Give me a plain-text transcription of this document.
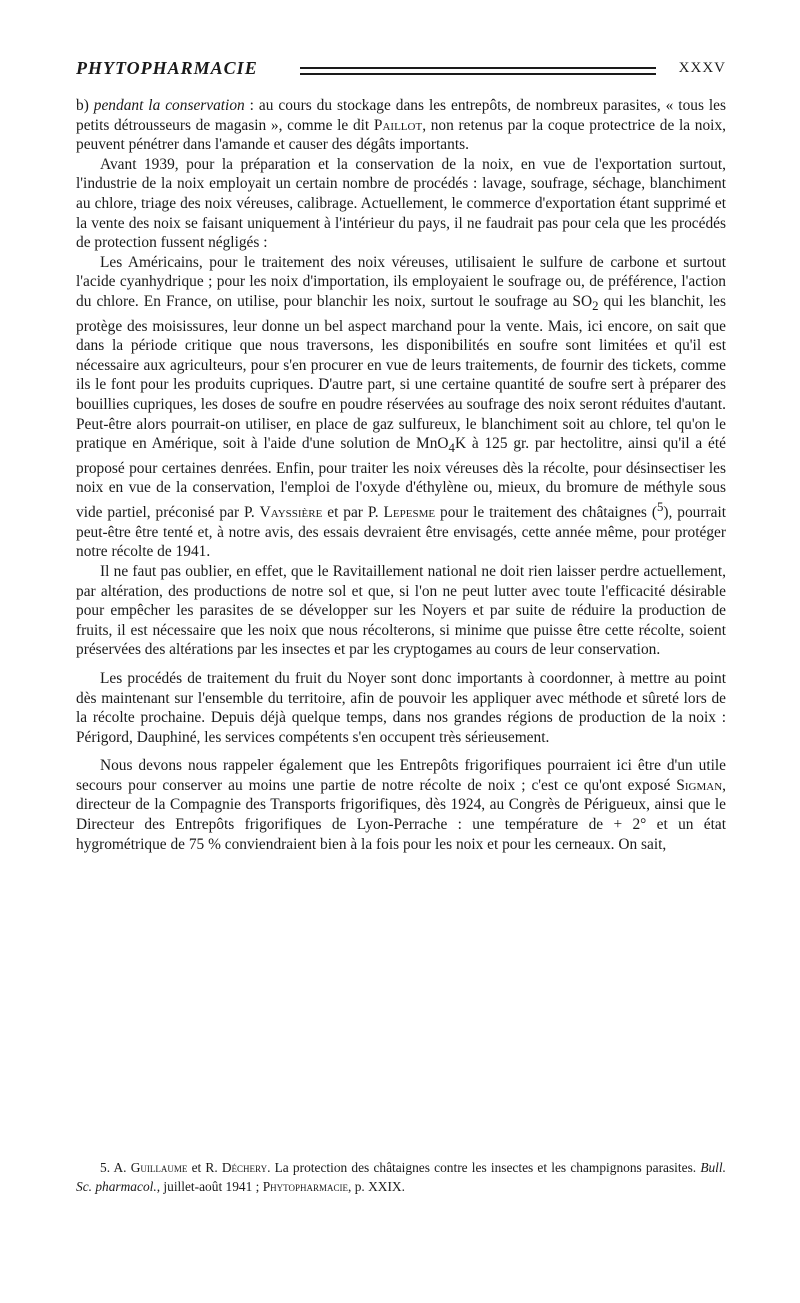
PHYTOPHARMACIE	XXXV

b) pendant la conservation : au cours du stockage dans les entrepôts, de nombreux parasites, « tous les petits détrousseurs de magasin », comme le dit Paillot, non retenus par la coque protectrice de la noix, peuvent pénétrer dans l'amande et causer des dégâts importants.

Avant 1939, pour la préparation et la conservation de la noix, en vue de l'exportation surtout, l'industrie de la noix employait un certain nombre de procédés : lavage, soufrage, séchage, blanchiment au chlore, triage des noix véreuses, calibrage. Actuellement, le commerce d'exportation étant supprimé et la vente des noix se faisant uniquement à l'intérieur du pays, il ne faudrait pas pour cela que les procédés de protection fussent négligés :

Les Américains, pour le traitement des noix véreuses, utilisaient le sulfure de carbone et surtout l'acide cyanhydrique ; pour les noix d'importation, ils employaient le soufrage ou, de préférence, l'action du chlore. En France, on utilise, pour blanchir les noix, surtout le soufrage au $SO_2$ qui les blanchit, les protège des moisissures, leur donne un bel aspect marchand pour la vente. Mais, ici encore, on sait que dans la période critique que nous traversons, les disponibilités en soufre sont limitées et qu'il est nécessaire aux agriculteurs, pour s'en procurer en vue de leurs traitements, de fournir des tickets, comme ils le font pour les produits cupriques. D'autre part, si une certaine quantité de soufre sert à préparer des bouillies cupriques, les doses de soufre en poudre réservées au soufrage des noix seront réduites d'autant. Peut-être alors pourrait-on utiliser, en place de gaz sulfureux, le blanchiment soit au chlore, tel qu'on le pratique en Amérique, soit à l'aide d'une solution de MnO$_4$K à 125 gr. par hectolitre, ainsi qu'il a été proposé pour certaines denrées. Enfin, pour traiter les noix véreuses dès la récolte, pour désinsectiser les noix en vue de la conservation, l'emploi de l'oxyde d'éthylène ou, mieux, du bromure de méthyle sous vide partiel, préconisé par P. Vayssière et par P. Lepesme pour le traitement des châtaignes ($^5$), pourrait peut-être être tenté et, à notre avis, des essais devraient être envisagés, cette année même, pour protéger notre récolte de 1941.

Il ne faut pas oublier, en effet, que le Ravitaillement national ne doit rien laisser perdre actuellement, par altération, des productions de notre sol et que, si l'on ne peut lutter avec toute l'efficacité désirable pour empêcher les parasites de se développer sur les Noyers et par suite de réduire la production de fruits, il est nécessaire que les noix que nous récolterons, si minime que puisse être cette récolte, soient préservées des altérations par les insectes et par les cryptogames au cours de leur conservation.

Les procédés de traitement du fruit du Noyer sont donc importants à coordonner, à mettre au point dès maintenant sur l'ensemble du territoire, afin de pouvoir les appliquer avec méthode et sûreté lors de la récolte prochaine. Depuis déjà quelque temps, dans nos grandes régions de production de la noix : Périgord, Dauphiné, les services compétents s'en occupent très sérieusement.

Nous devons nous rappeler également que les Entrepôts frigorifiques pourraient ici être d'un utile secours pour conserver au moins une partie de notre récolte de noix ; c'est ce qu'ont exposé Sigman, directeur de la Compagnie des Transports frigorifiques, dès 1924, au Congrès de Périgueux, ainsi que le Directeur des Entrepôts frigorifiques de Lyon-Perrache : une température de + 2° et un état hygrométrique de 75 % conviendraient bien à la fois pour les noix et pour les cerneaux. On sait,

5. A. Guillaume et R. Déchery. La protection des châtaignes contre les insectes et les champignons parasites. Bull. Sc. pharmacol., juillet-août 1941 ; Phytopharmacie, p. XXIX.
